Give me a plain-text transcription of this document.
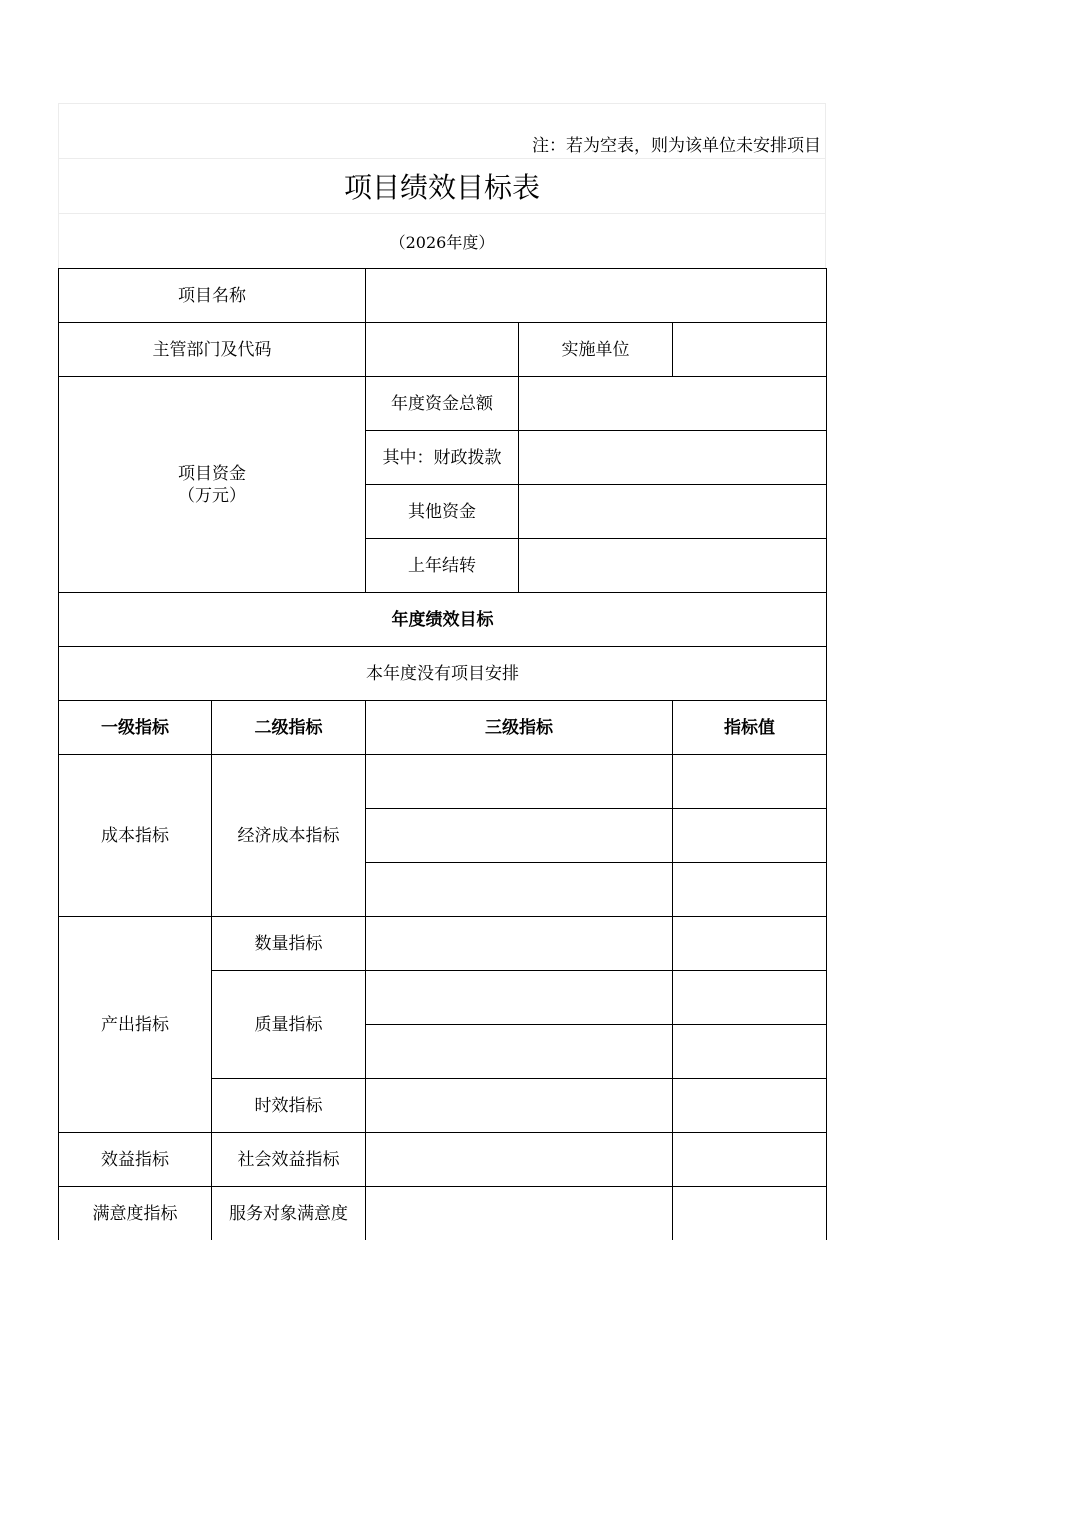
注：若为空表，则为该单位未安排项目
项目绩效目标表
（2026年度）
项目名称				
主管部门及代码			实施单位	

项目资金
（万元）		年度资金总额		
		其中：财政拨款		
		其他资金		
		上年结转		
年度绩效目标				
本年度没有项目安排				
一级指标	二级指标	三级指标		指标值
成本指标	经济成本指标			

产出指标	数量指标			
	质量指标			

	时效指标			
效益指标	社会效益指标			
满意度指标	服务对象满意度			
